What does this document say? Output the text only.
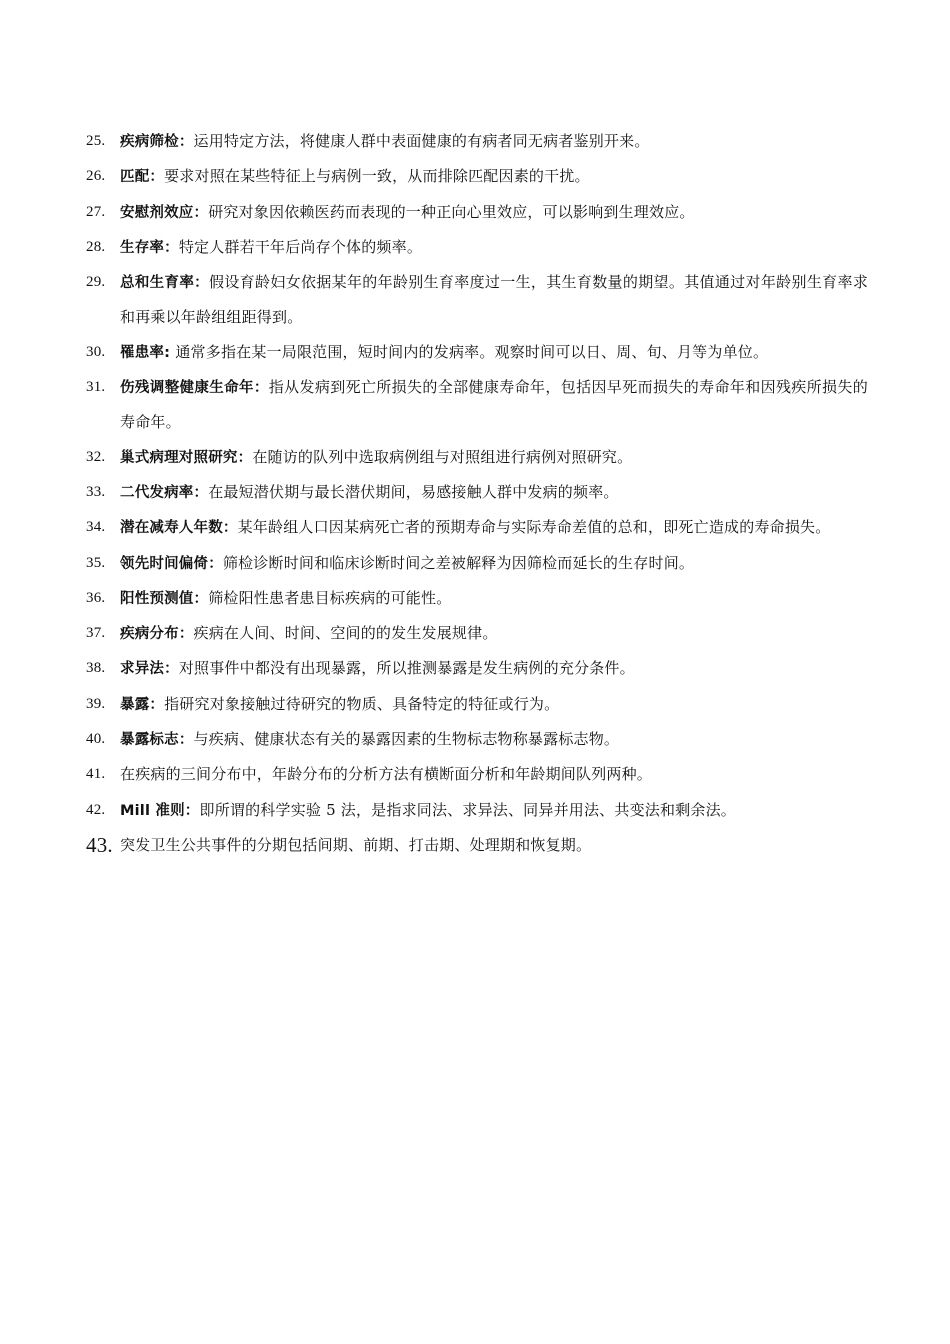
25.	疾病筛检：运用特定方法，将健康人群中表面健康的有病者同无病者鉴别开来。
26.	匹配：要求对照在某些特征上与病例一致，从而排除匹配因素的干扰。
27.	安慰剂效应：研究对象因依赖医药而表现的一种正向心里效应，可以影响到生理效应。
28.	生存率：特定人群若干年后尚存个体的频率。
29.	总和生育率：假设育龄妇女依据某年的年龄别生育率度过一生，其生育数量的期望。其值通过对年龄别生育率求和再乘以年龄组组距得到。
30.	罹患率: 通常多指在某一局限范围，短时间内的发病率。观察时间可以日、周、旬、月等为单位。
31.	伤残调整健康生命年：指从发病到死亡所损失的全部健康寿命年，包括因早死而损失的寿命年和因残疾所损失的寿命年。
32.	巢式病理对照研究：在随访的队列中选取病例组与对照组进行病例对照研究。
33.	二代发病率：在最短潜伏期与最长潜伏期间，易感接触人群中发病的频率。
34.	潜在减寿人年数：某年龄组人口因某病死亡者的预期寿命与实际寿命差值的总和，即死亡造成的寿命损失。
35.	领先时间偏倚：筛检诊断时间和临床诊断时间之差被解释为因筛检而延长的生存时间。
36.	阳性预测值：筛检阳性患者患目标疾病的可能性。
37.	疾病分布：疾病在人间、时间、空间的的发生发展规律。
38.	求异法：对照事件中都没有出现暴露，所以推测暴露是发生病例的充分条件。
39.	暴露：指研究对象接触过待研究的物质、具备特定的特征或行为。
40.	暴露标志：与疾病、健康状态有关的暴露因素的生物标志物称暴露标志物。
41. 在疾病的三间分布中，年龄分布的分析方法有横断面分析和年龄期间队列两种。
42.	Mill 准则：即所谓的科学实验 5 法，是指求同法、求异法、同异并用法、共变法和剩余法。
43. 突发卫生公共事件的分期包括间期、前期、打击期、处理期和恢复期。
